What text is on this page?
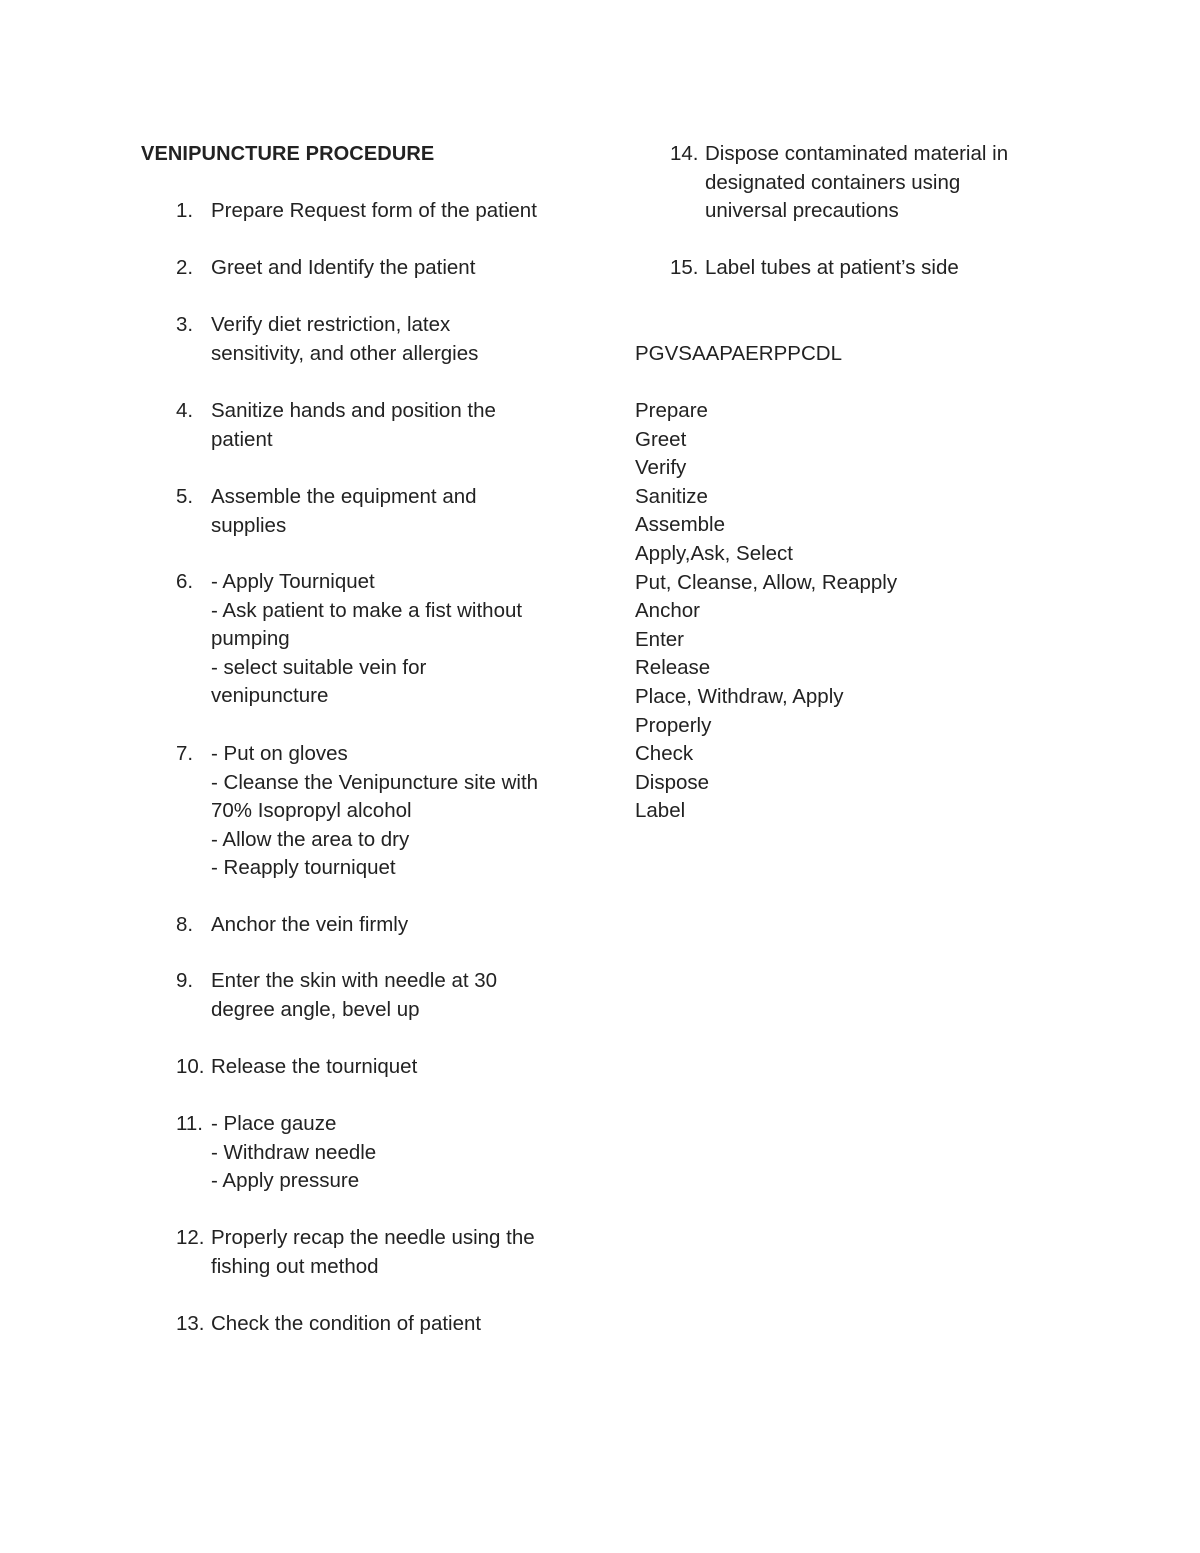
VENIPUNCTURE PROCEDURE
1. Prepare Request form of the patient
2. Greet and Identify the patient
3. Verify diet restriction, latex
sensitivity, and other allergies
4. Sanitize hands and position the
patient
5. Assemble the equipment and
supplies
6. - Apply Tourniquet
- Ask patient to make a fist without
pumping
- select suitable vein for
venipuncture
7. - Put on gloves
- Cleanse the Venipuncture site with
70% Isopropyl alcohol
- Allow the area to dry
- Reapply tourniquet
8. Anchor the vein firmly
9. Enter the skin with needle at 30
degree angle, bevel up
10. Release the tourniquet
11. - Place gauze
- Withdraw needle
- Apply pressure
12. Properly recap the needle using the
fishing out method
13. Check the condition of patient
14. Dispose contaminated material in
designated containers using
universal precautions
15. Label tubes at patient’s side
PGVSAAPAERPPCDL
Prepare
Greet
Verify
Sanitize
Assemble
Apply,Ask, Select
Put, Cleanse, Allow, Reapply
Anchor
Enter
Release
Place, Withdraw, Apply
Properly
Check
Dispose
Label
